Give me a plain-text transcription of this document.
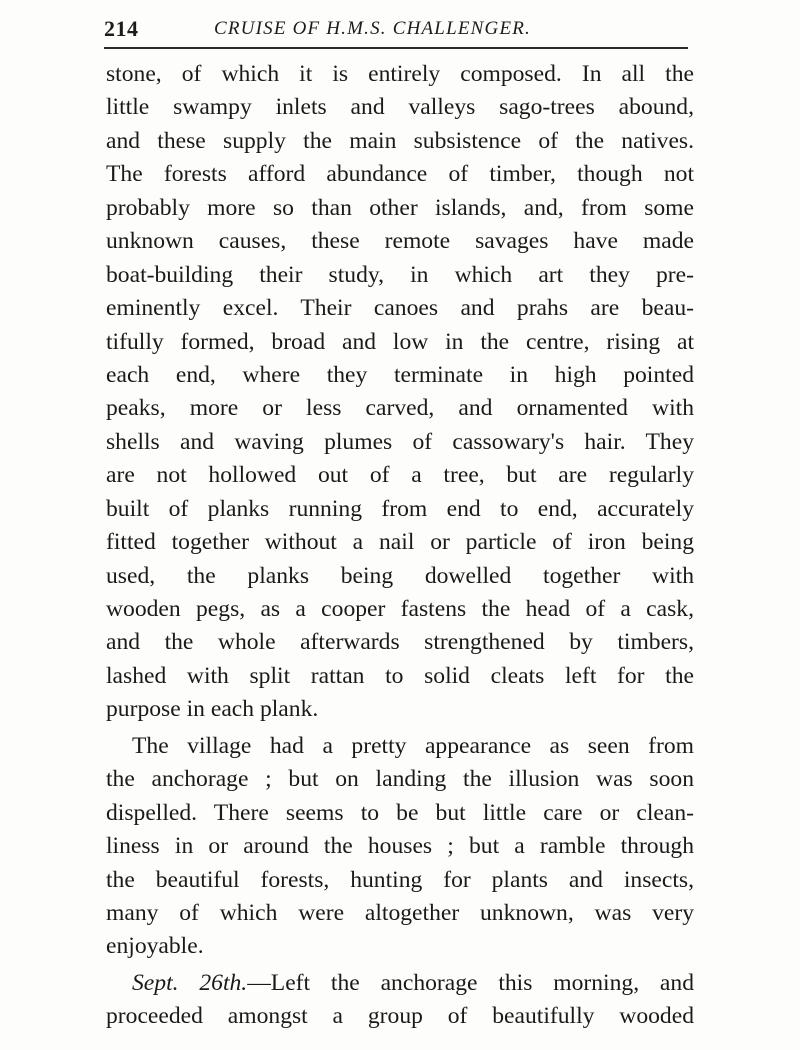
214	CRUISE OF H.M.S. CHALLENGER.
stone, of which it is entirely composed. In all the
little swampy inlets and valleys sago-trees abound,
and these supply the main subsistence of the natives.
The forests afford abundance of timber, though not
probably more so than other islands, and, from some
unknown causes, these remote savages have made
boat-building their study, in which art they pre-
eminently excel. Their canoes and prahs are beau-
tifully formed, broad and low in the centre, rising at
each end, where they terminate in high pointed
peaks, more or less carved, and ornamented with
shells and waving plumes of cassowary's hair. They
are not hollowed out of a tree, but are regularly
built of planks running from end to end, accurately
fitted together without a nail or particle of iron being
used, the planks being dowelled together with
wooden pegs, as a cooper fastens the head of a cask,
and the whole afterwards strengthened by timbers,
lashed with split rattan to solid cleats left for the
purpose in each plank.
The village had a pretty appearance as seen from
the anchorage ; but on landing the illusion was soon
dispelled. There seems to be but little care or clean-
liness in or around the houses ; but a ramble through
the beautiful forests, hunting for plants and insects,
many of which were altogether unknown, was very
enjoyable.
Sept. 26th.—Left the anchorage this morning, and
proceeded amongst a group of beautifully wooded
